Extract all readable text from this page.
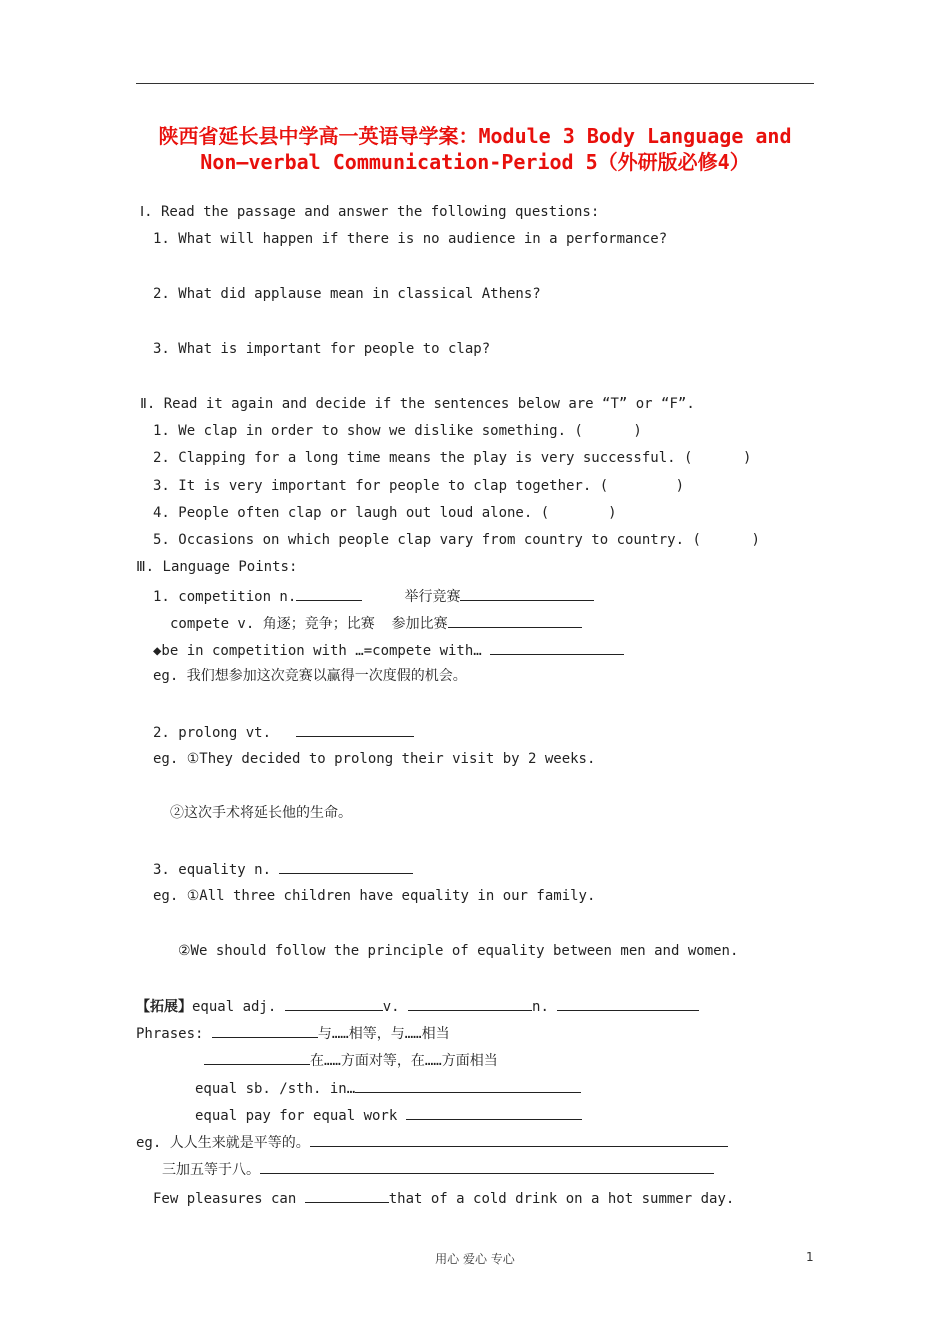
陕西省延长县中学高一英语导学案：Module 3 Body Language and
Non—verbal Communication-Period 5（外研版必修4）
Ⅰ. Read the passage and answer the following questions:
1. What will happen if there is no audience in a performance?
2. What did applause mean in classical Athens?
3. What is important for people to clap?
Ⅱ. Read it again and decide if the sentences below are “T” or “F”.
1. We clap in order to show we dislike something. (      )
2. Clapping for a long time means the play is very successful. (      )
3. It is very important for people to clap together. (        )
4. People often clap or laugh out loud alone. (       )
5. Occasions on which people clap vary from country to country. (      )
Ⅲ. Language Points:
1. competition n.	举行竞赛
compete v. 角逐；竞争；比赛 参加比赛
◆be in competition with …=compete with…
eg. 我们想参加这次竞赛以赢得一次度假的机会。
2. prolong vt.
eg. ①They decided to prolong their visit by 2 weeks.
②这次手术将延长他的生命。
3. equality n.
eg. ①All three children have equality in our family.
②We should follow the principle of equality between men and women.
【拓展】equal adj.	v.	n.
Phrases:	与……相等，与……相当
在……方面对等，在……方面相当
equal sb. /sth. in…
equal pay for equal work
eg. 人人生来就是平等的。
三加五等于八。
Few pleasures can	that of a cold drink on a hot summer day.
用心 爱心 专心	1
